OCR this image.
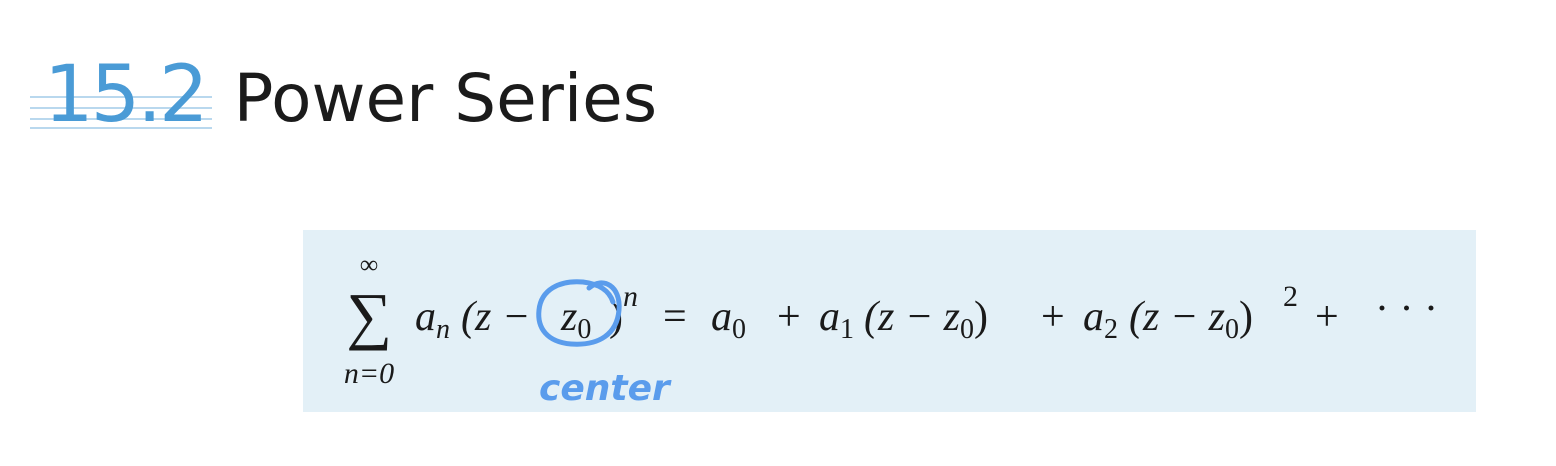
15.2 Power Series
∞
∑
n=0
an (z − z0 ) n = a0 + a1 (z − z0) + a2 (z − z0) 2 + · · ·
center
